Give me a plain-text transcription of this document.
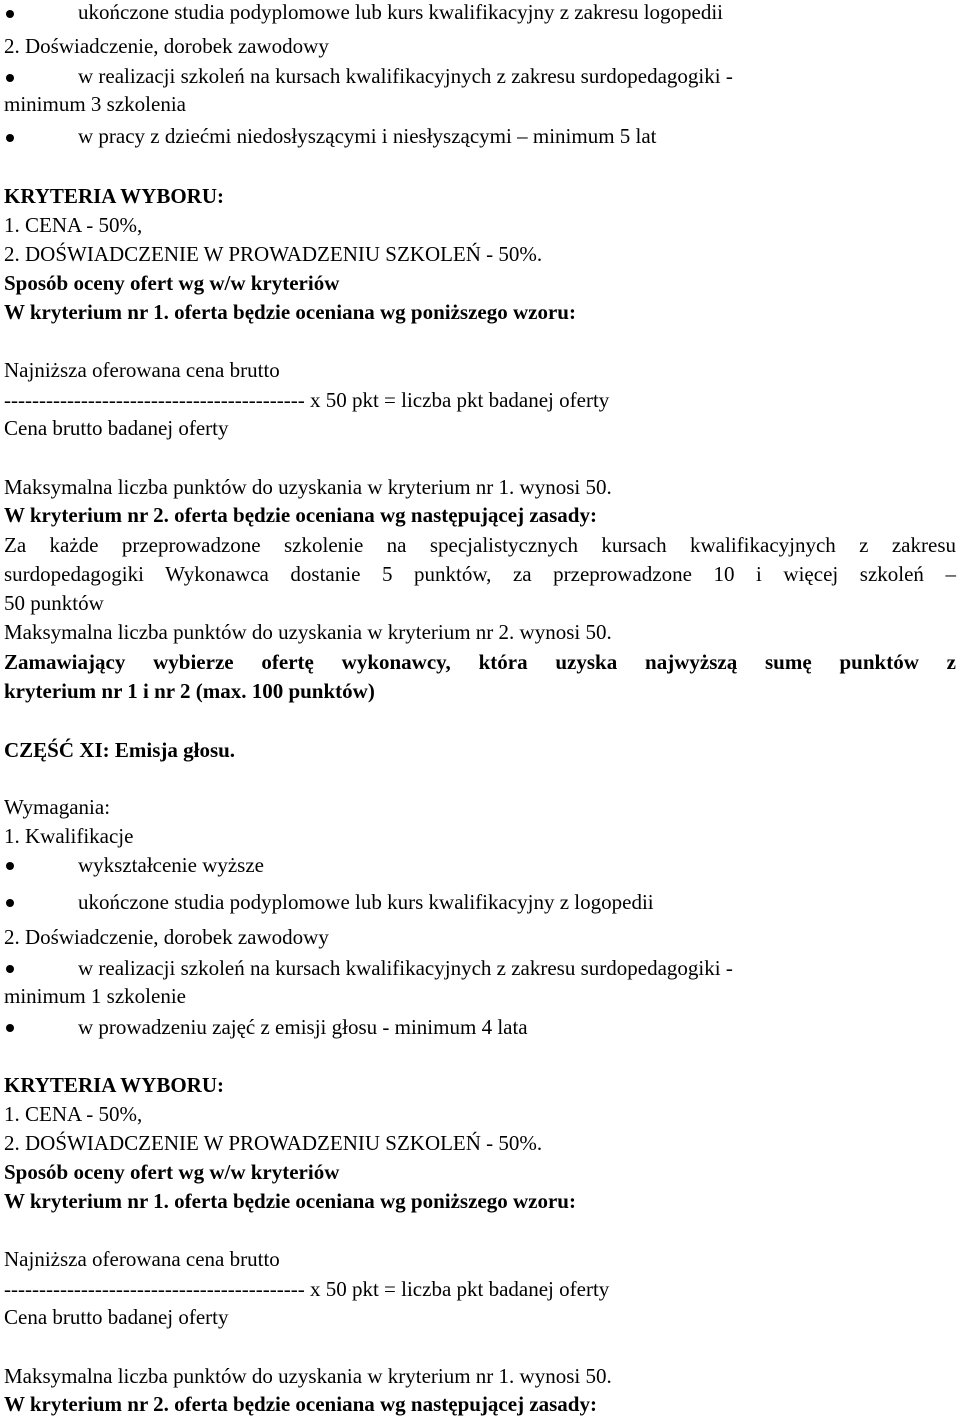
ukończone studia podyplomowe lub kurs kwalifikacyjny z zakresu logopedii
2. Doświadczenie, dorobek zawodowy
w realizacji szkoleń na kursach kwalifikacyjnych z zakresu surdopedagogiki -
minimum 3 szkolenia
w pracy z dziećmi niedosłyszącymi i niesłyszącymi – minimum 5 lat
KRYTERIA WYBORU:
1. CENA - 50%,
2. DOŚWIADCZENIE W PROWADZENIU SZKOLEŃ - 50%.
Sposób oceny ofert wg w/w kryteriów
W kryterium nr 1. oferta będzie oceniana wg poniższego wzoru:
Najniższa oferowana cena brutto
------------------------------------------- x 50 pkt = liczba pkt badanej oferty
Cena brutto badanej oferty
Maksymalna liczba punktów do uzyskania w kryterium nr 1. wynosi 50.
W kryterium nr 2. oferta będzie oceniana wg następującej zasady:
Za każde przeprowadzone szkolenie na specjalistycznych kursach kwalifikacyjnych z zakresu
surdopedagogiki Wykonawca dostanie 5 punktów, za przeprowadzone 10 i więcej szkoleń –
50 punktów
Maksymalna liczba punktów do uzyskania w kryterium nr 2. wynosi 50.
Zamawiający wybierze ofertę wykonawcy, która uzyska najwyższą sumę punktów z
kryterium nr 1 i nr 2 (max. 100 punktów)
CZĘŚĆ XI: Emisja głosu.
Wymagania:
1. Kwalifikacje
wykształcenie wyższe
ukończone studia podyplomowe lub kurs kwalifikacyjny z logopedii
2. Doświadczenie, dorobek zawodowy
w realizacji szkoleń na kursach kwalifikacyjnych z zakresu surdopedagogiki -
minimum 1 szkolenie
w prowadzeniu zajęć z emisji głosu - minimum 4 lata
KRYTERIA WYBORU:
1. CENA - 50%,
2. DOŚWIADCZENIE W PROWADZENIU SZKOLEŃ - 50%.
Sposób oceny ofert wg w/w kryteriów
W kryterium nr 1. oferta będzie oceniana wg poniższego wzoru:
Najniższa oferowana cena brutto
------------------------------------------- x 50 pkt = liczba pkt badanej oferty
Cena brutto badanej oferty
Maksymalna liczba punktów do uzyskania w kryterium nr 1. wynosi 50.
W kryterium nr 2. oferta będzie oceniana wg następującej zasady:
